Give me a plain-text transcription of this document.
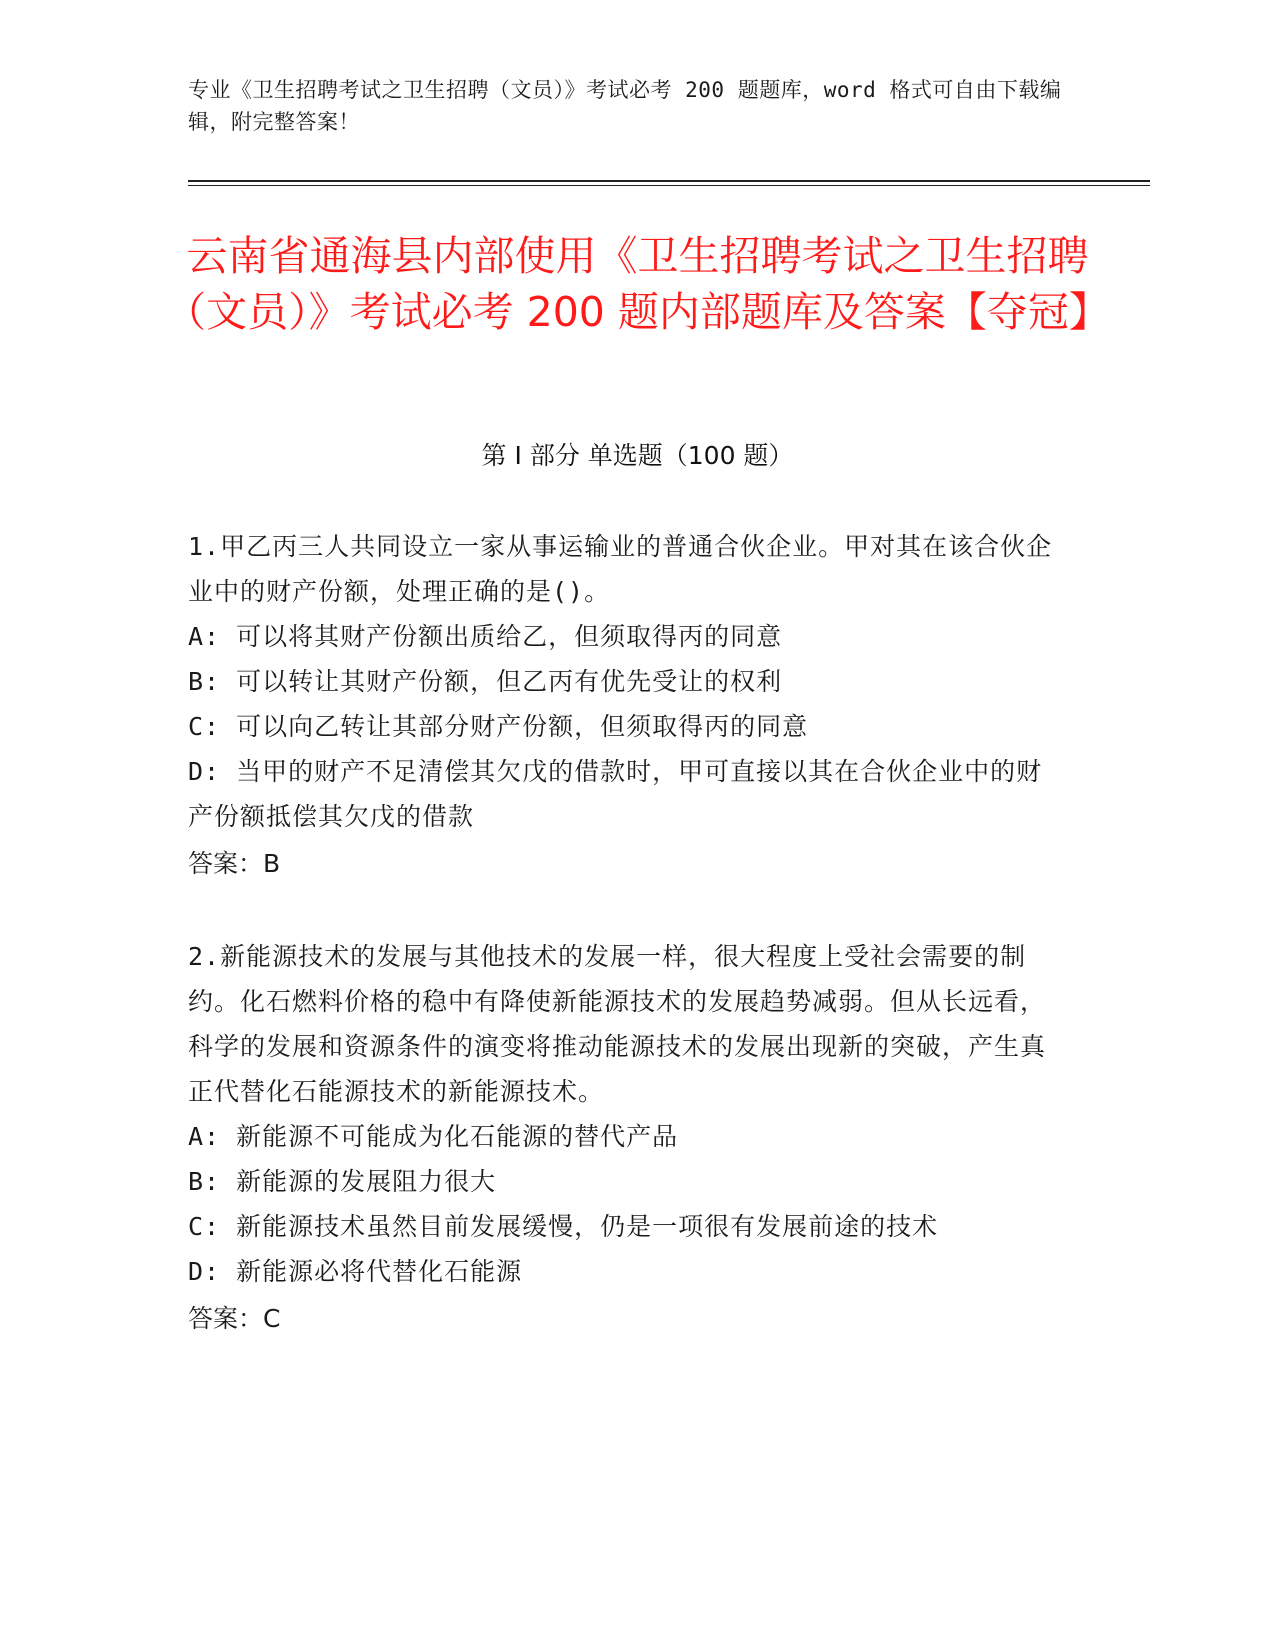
专业《卫生招聘考试之卫生招聘（文员）》考试必考 200 题题库，word 格式可自由下载编辑，附完整答案！
云南省通海县内部使用《卫生招聘考试之卫生招聘（文员）》考试必考 200 题内部题库及答案【夺冠】
第 I 部分 单选题（100 题）
1.甲乙丙三人共同设立一家从事运输业的普通合伙企业。甲对其在该合伙企业中的财产份额，处理正确的是()。
A: 可以将其财产份额出质给乙，但须取得丙的同意
B: 可以转让其财产份额，但乙丙有优先受让的权利
C: 可以向乙转让其部分财产份额，但须取得丙的同意
D: 当甲的财产不足清偿其欠戊的借款时，甲可直接以其在合伙企业中的财产份额抵偿其欠戊的借款
答案：B
2.新能源技术的发展与其他技术的发展一样，很大程度上受社会需要的制约。化石燃料价格的稳中有降使新能源技术的发展趋势减弱。但从长远看，科学的发展和资源条件的演变将推动能源技术的发展出现新的突破，产生真正代替化石能源技术的新能源技术。
A: 新能源不可能成为化石能源的替代产品
B: 新能源的发展阻力很大
C: 新能源技术虽然目前发展缓慢，仍是一项很有发展前途的技术
D: 新能源必将代替化石能源
答案：C
